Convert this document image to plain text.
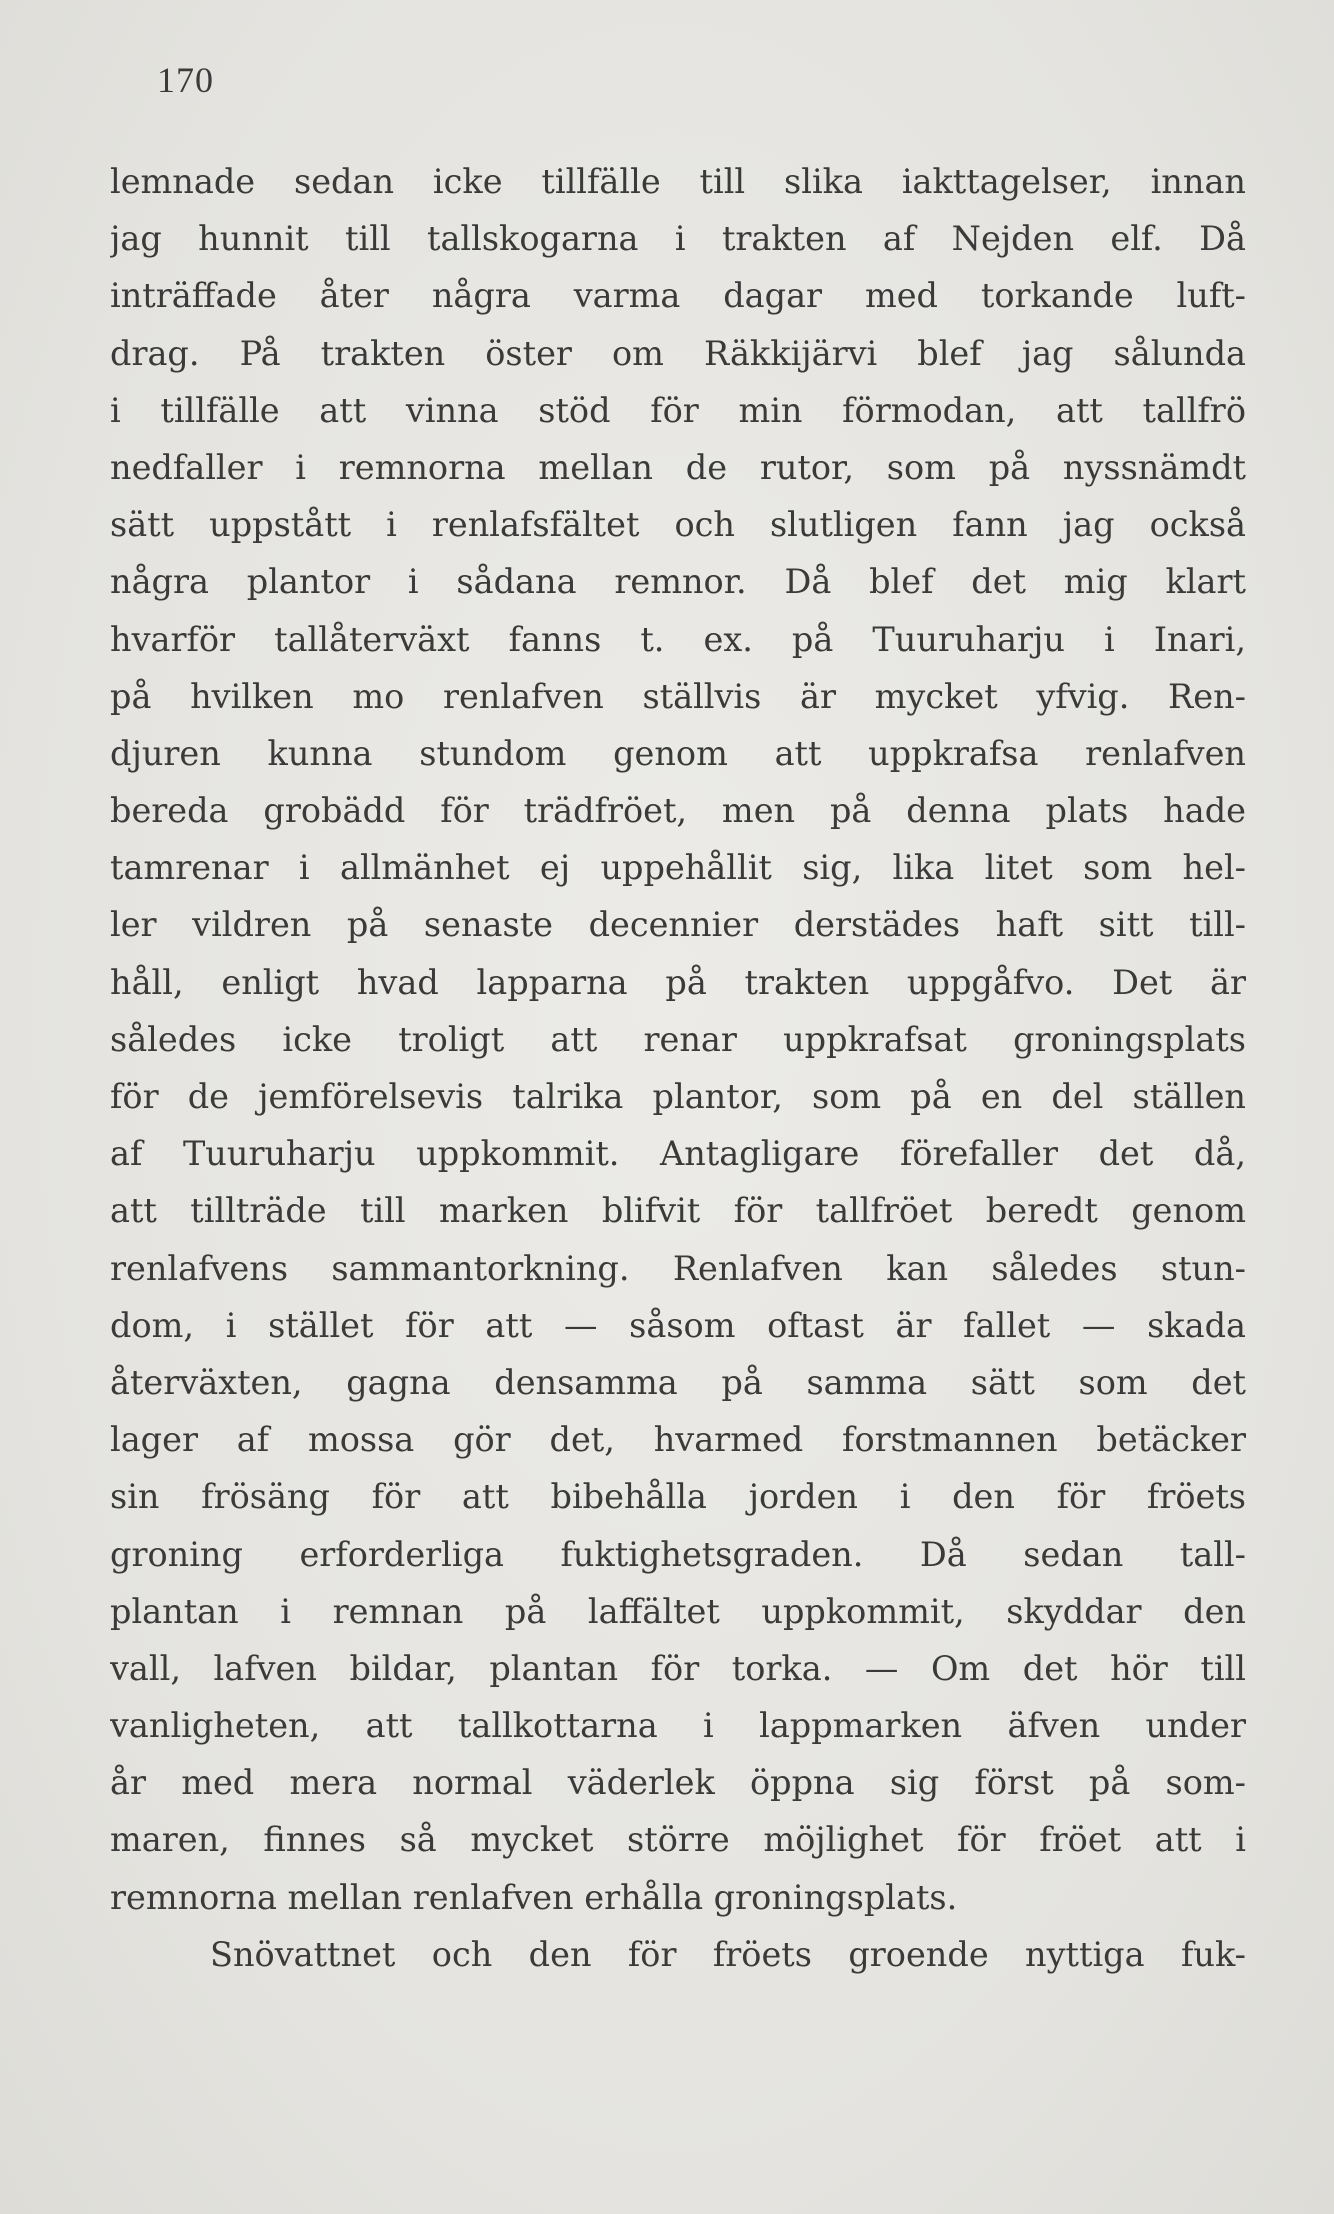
170
lemnade sedan icke tillfälle till slika iakttagelser, innan
jag hunnit till tallskogarna i trakten af Nejden elf. Då
inträffade åter några varma dagar med torkande luft-
drag. På trakten öster om Räkkijärvi blef jag sålunda
i tillfälle att vinna stöd för min förmodan, att tallfrö
nedfaller i remnorna mellan de rutor, som på nyssnämdt
sätt uppstått i renlafsfältet och slutligen fann jag också
några plantor i sådana remnor. Då blef det mig klart
hvarför tallåterväxt fanns t. ex. på Tuuruharju i Inari,
på hvilken mo renlafven ställvis är mycket yfvig. Ren-
djuren kunna stundom genom att uppkrafsa renlafven
bereda grobädd för trädfröet, men på denna plats hade
tamrenar i allmänhet ej uppehållit sig, lika litet som hel-
ler vildren på senaste decennier derstädes haft sitt till-
håll, enligt hvad lapparna på trakten uppgåfvo. Det är
således icke troligt att renar uppkrafsat groningsplats
för de jemförelsevis talrika plantor, som på en del ställen
af Tuuruharju uppkommit. Antagligare förefaller det då,
att tillträde till marken blifvit för tallfröet beredt genom
renlafvens sammantorkning. Renlafven kan således stun-
dom, i stället för att — såsom oftast är fallet — skada
återväxten, gagna densamma på samma sätt som det
lager af mossa gör det, hvarmed forstmannen betäcker
sin frösäng för att bibehålla jorden i den för fröets
groning erforderliga fuktighetsgraden. Då sedan tall-
plantan i remnan på laffältet uppkommit, skyddar den
vall, lafven bildar, plantan för torka. — Om det hör till
vanligheten, att tallkottarna i lappmarken äfven under
år med mera normal väderlek öppna sig först på som-
maren, finnes så mycket större möjlighet för fröet att i
remnorna mellan renlafven erhålla groningsplats.
Snövattnet och den för fröets groende nyttiga fuk-
